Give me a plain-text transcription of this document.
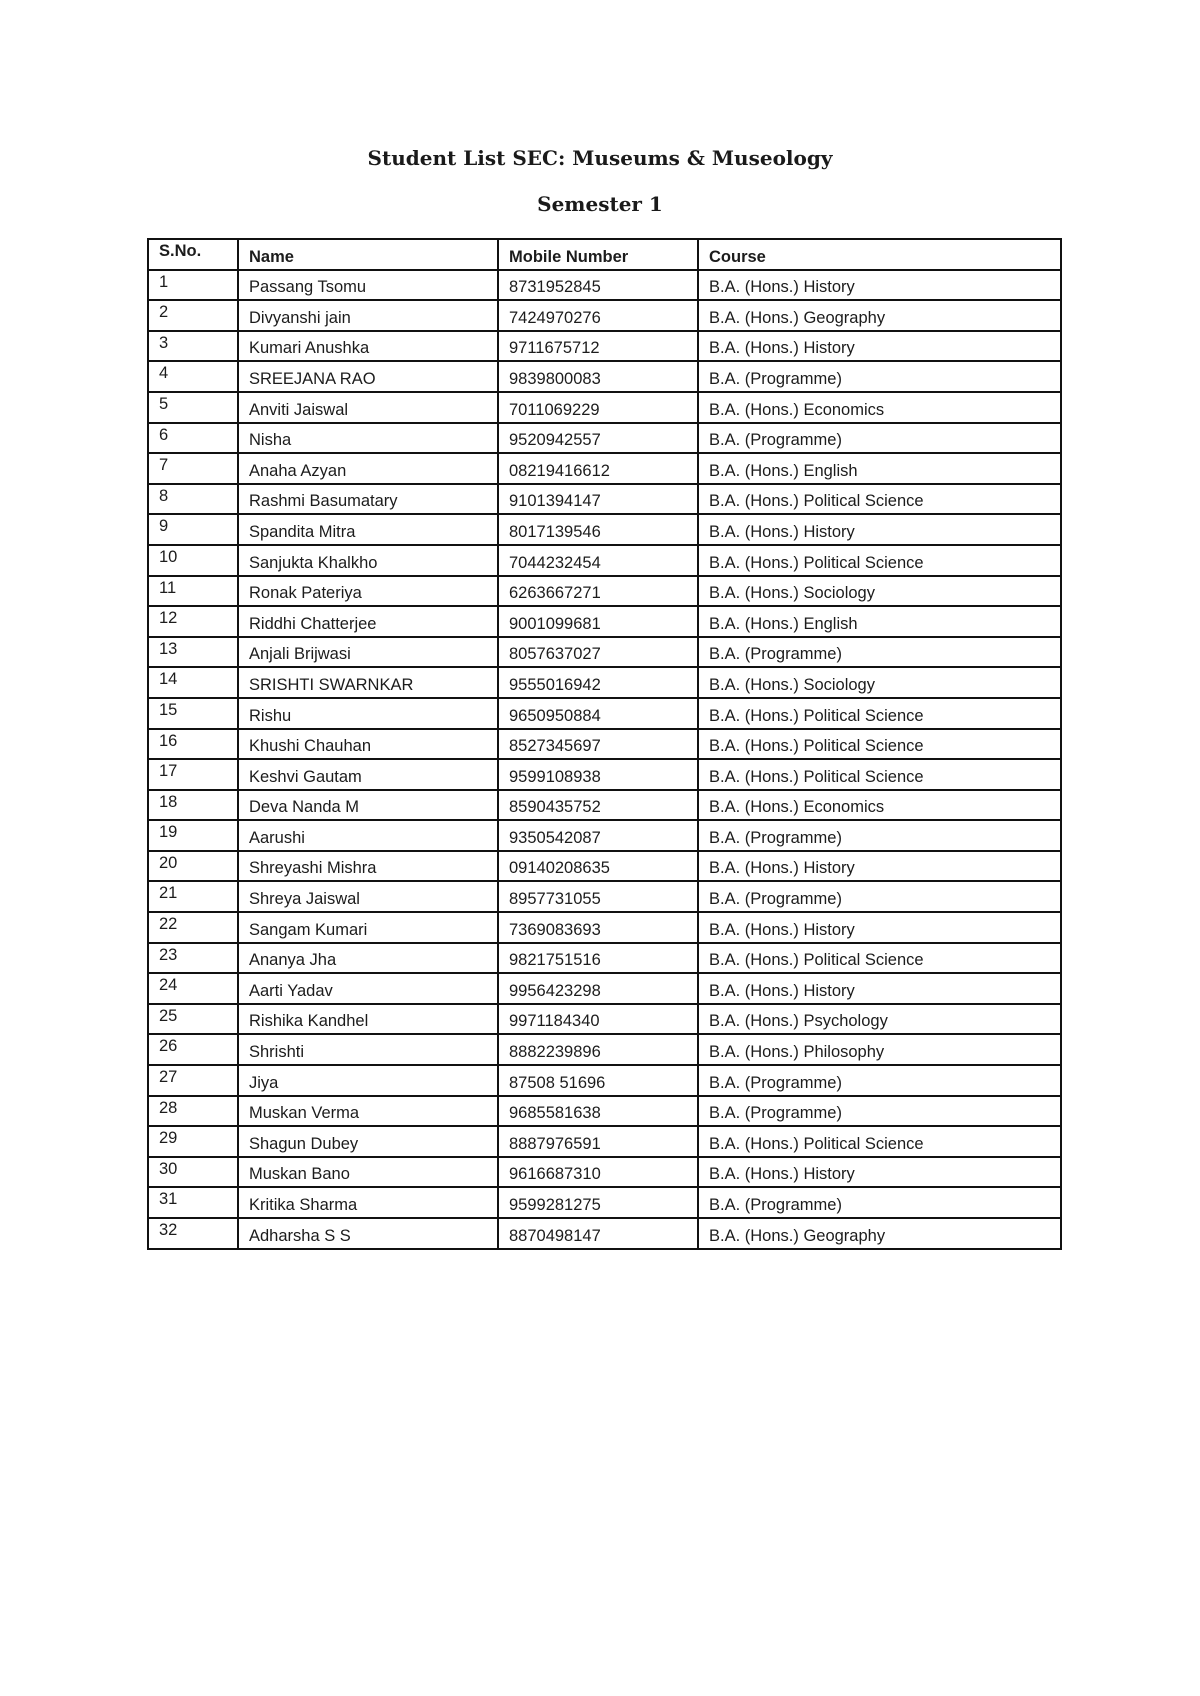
Student List SEC: Museums & Museology
Semester 1
S.No.	Name	Mobile Number	Course
1	Passang Tsomu	8731952845	B.A. (Hons.) History
2	Divyanshi jain	7424970276	B.A. (Hons.) Geography
3	Kumari Anushka	9711675712	B.A. (Hons.) History
4	SREEJANA RAO	9839800083	B.A. (Programme)
5	Anviti Jaiswal	7011069229	B.A. (Hons.) Economics
6	Nisha	9520942557	B.A. (Programme)
7	Anaha Azyan	08219416612	B.A. (Hons.) English
8	Rashmi Basumatary	9101394147	B.A. (Hons.) Political Science
9	Spandita Mitra	8017139546	B.A. (Hons.) History
10	Sanjukta Khalkho	7044232454	B.A. (Hons.) Political Science
11	Ronak Pateriya	6263667271	B.A. (Hons.) Sociology
12	Riddhi Chatterjee	9001099681	B.A. (Hons.) English
13	Anjali Brijwasi	8057637027	B.A. (Programme)
14	SRISHTI SWARNKAR	9555016942	B.A. (Hons.) Sociology
15	Rishu	9650950884	B.A. (Hons.) Political Science
16	Khushi Chauhan	8527345697	B.A. (Hons.) Political Science
17	Keshvi Gautam	9599108938	B.A. (Hons.) Political Science
18	Deva Nanda M	8590435752	B.A. (Hons.) Economics
19	Aarushi	9350542087	B.A. (Programme)
20	Shreyashi Mishra	09140208635	B.A. (Hons.) History
21	Shreya Jaiswal	8957731055	B.A. (Programme)
22	Sangam Kumari	7369083693	B.A. (Hons.) History
23	Ananya Jha	9821751516	B.A. (Hons.) Political Science
24	Aarti Yadav	9956423298	B.A. (Hons.) History
25	Rishika Kandhel	9971184340	B.A. (Hons.) Psychology
26	Shrishti	8882239896	B.A. (Hons.) Philosophy
27	Jiya	87508 51696	B.A. (Programme)
28	Muskan Verma	9685581638	B.A. (Programme)
29	Shagun Dubey	8887976591	B.A. (Hons.) Political Science
30	Muskan Bano	9616687310	B.A. (Hons.) History
31	Kritika Sharma	9599281275	B.A. (Programme)
32	Adharsha S S	8870498147	B.A. (Hons.) Geography
